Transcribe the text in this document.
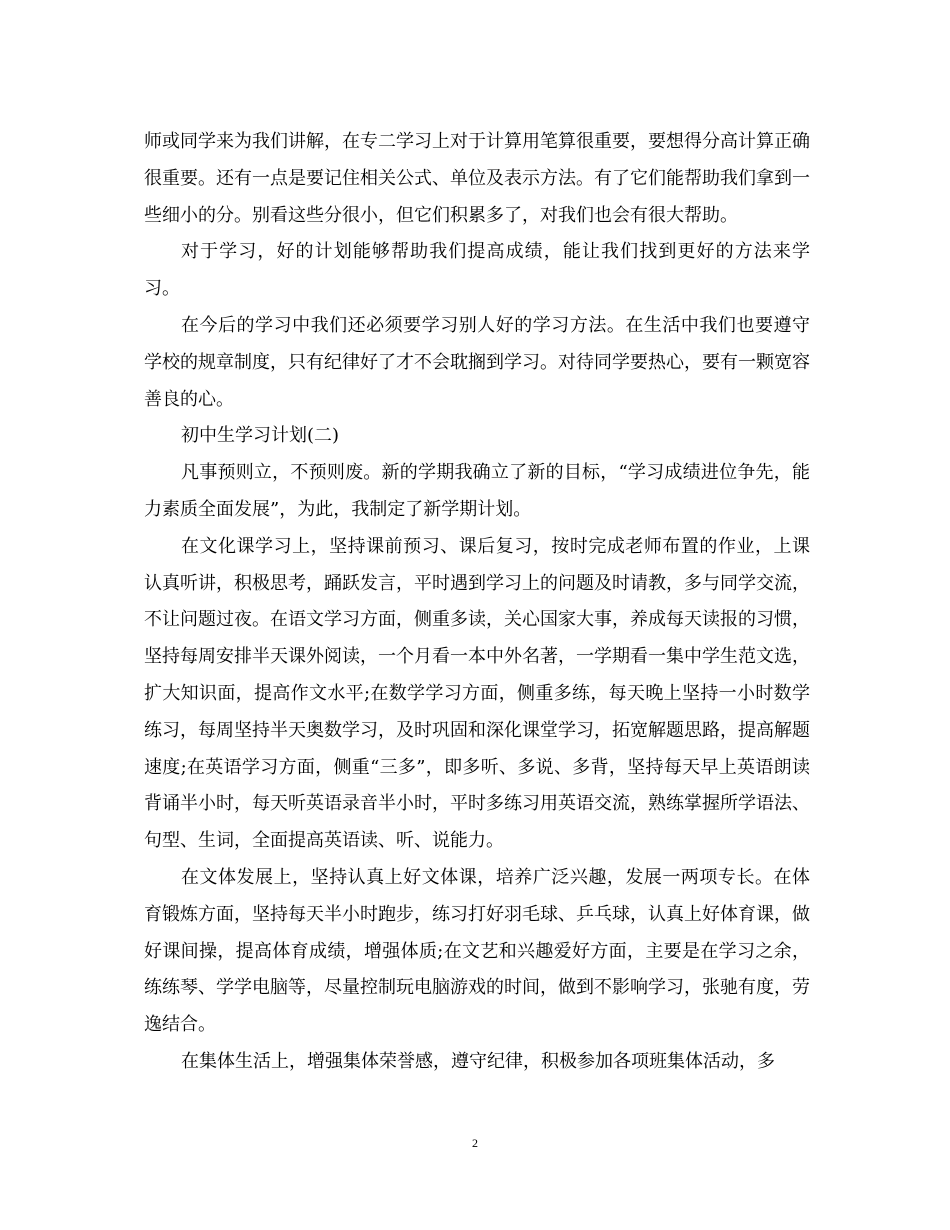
师或同学来为我们讲解，在专二学习上对于计算用笔算很重要，要想得分高计算正确很重要。还有一点是要记住相关公式、单位及表示方法。有了它们能帮助我们拿到一些细小的分。别看这些分很小，但它们积累多了，对我们也会有很大帮助。

对于学习，好的计划能够帮助我们提高成绩，能让我们找到更好的方法来学习。

在今后的学习中我们还必须要学习别人好的学习方法。在生活中我们也要遵守学校的规章制度，只有纪律好了才不会耽搁到学习。对待同学要热心，要有一颗宽容善良的心。

初中生学习计划(二)

凡事预则立，不预则废。新的学期我确立了新的目标，“学习成绩进位争先，能力素质全面发展”，为此，我制定了新学期计划。

在文化课学习上，坚持课前预习、课后复习，按时完成老师布置的作业，上课认真听讲，积极思考，踊跃发言，平时遇到学习上的问题及时请教，多与同学交流，不让问题过夜。在语文学习方面，侧重多读，关心国家大事，养成每天读报的习惯，坚持每周安排半天课外阅读，一个月看一本中外名著，一学期看一集中学生范文选，扩大知识面，提高作文水平;在数学学习方面，侧重多练，每天晚上坚持一小时数学练习，每周坚持半天奥数学习，及时巩固和深化课堂学习，拓宽解题思路，提高解题速度;在英语学习方面，侧重“三多”，即多听、多说、多背，坚持每天早上英语朗读背诵半小时，每天听英语录音半小时，平时多练习用英语交流，熟练掌握所学语法、句型、生词，全面提高英语读、听、说能力。

在文体发展上，坚持认真上好文体课，培养广泛兴趣，发展一两项专长。在体育锻炼方面，坚持每天半小时跑步，练习打好羽毛球、乒乓球，认真上好体育课，做好课间操，提高体育成绩，增强体质;在文艺和兴趣爱好方面，主要是在学习之余，练练琴、学学电脑等，尽量控制玩电脑游戏的时间，做到不影响学习，张驰有度，劳逸结合。

在集体生活上，增强集体荣誉感，遵守纪律，积极参加各项班集体活动，多

2
